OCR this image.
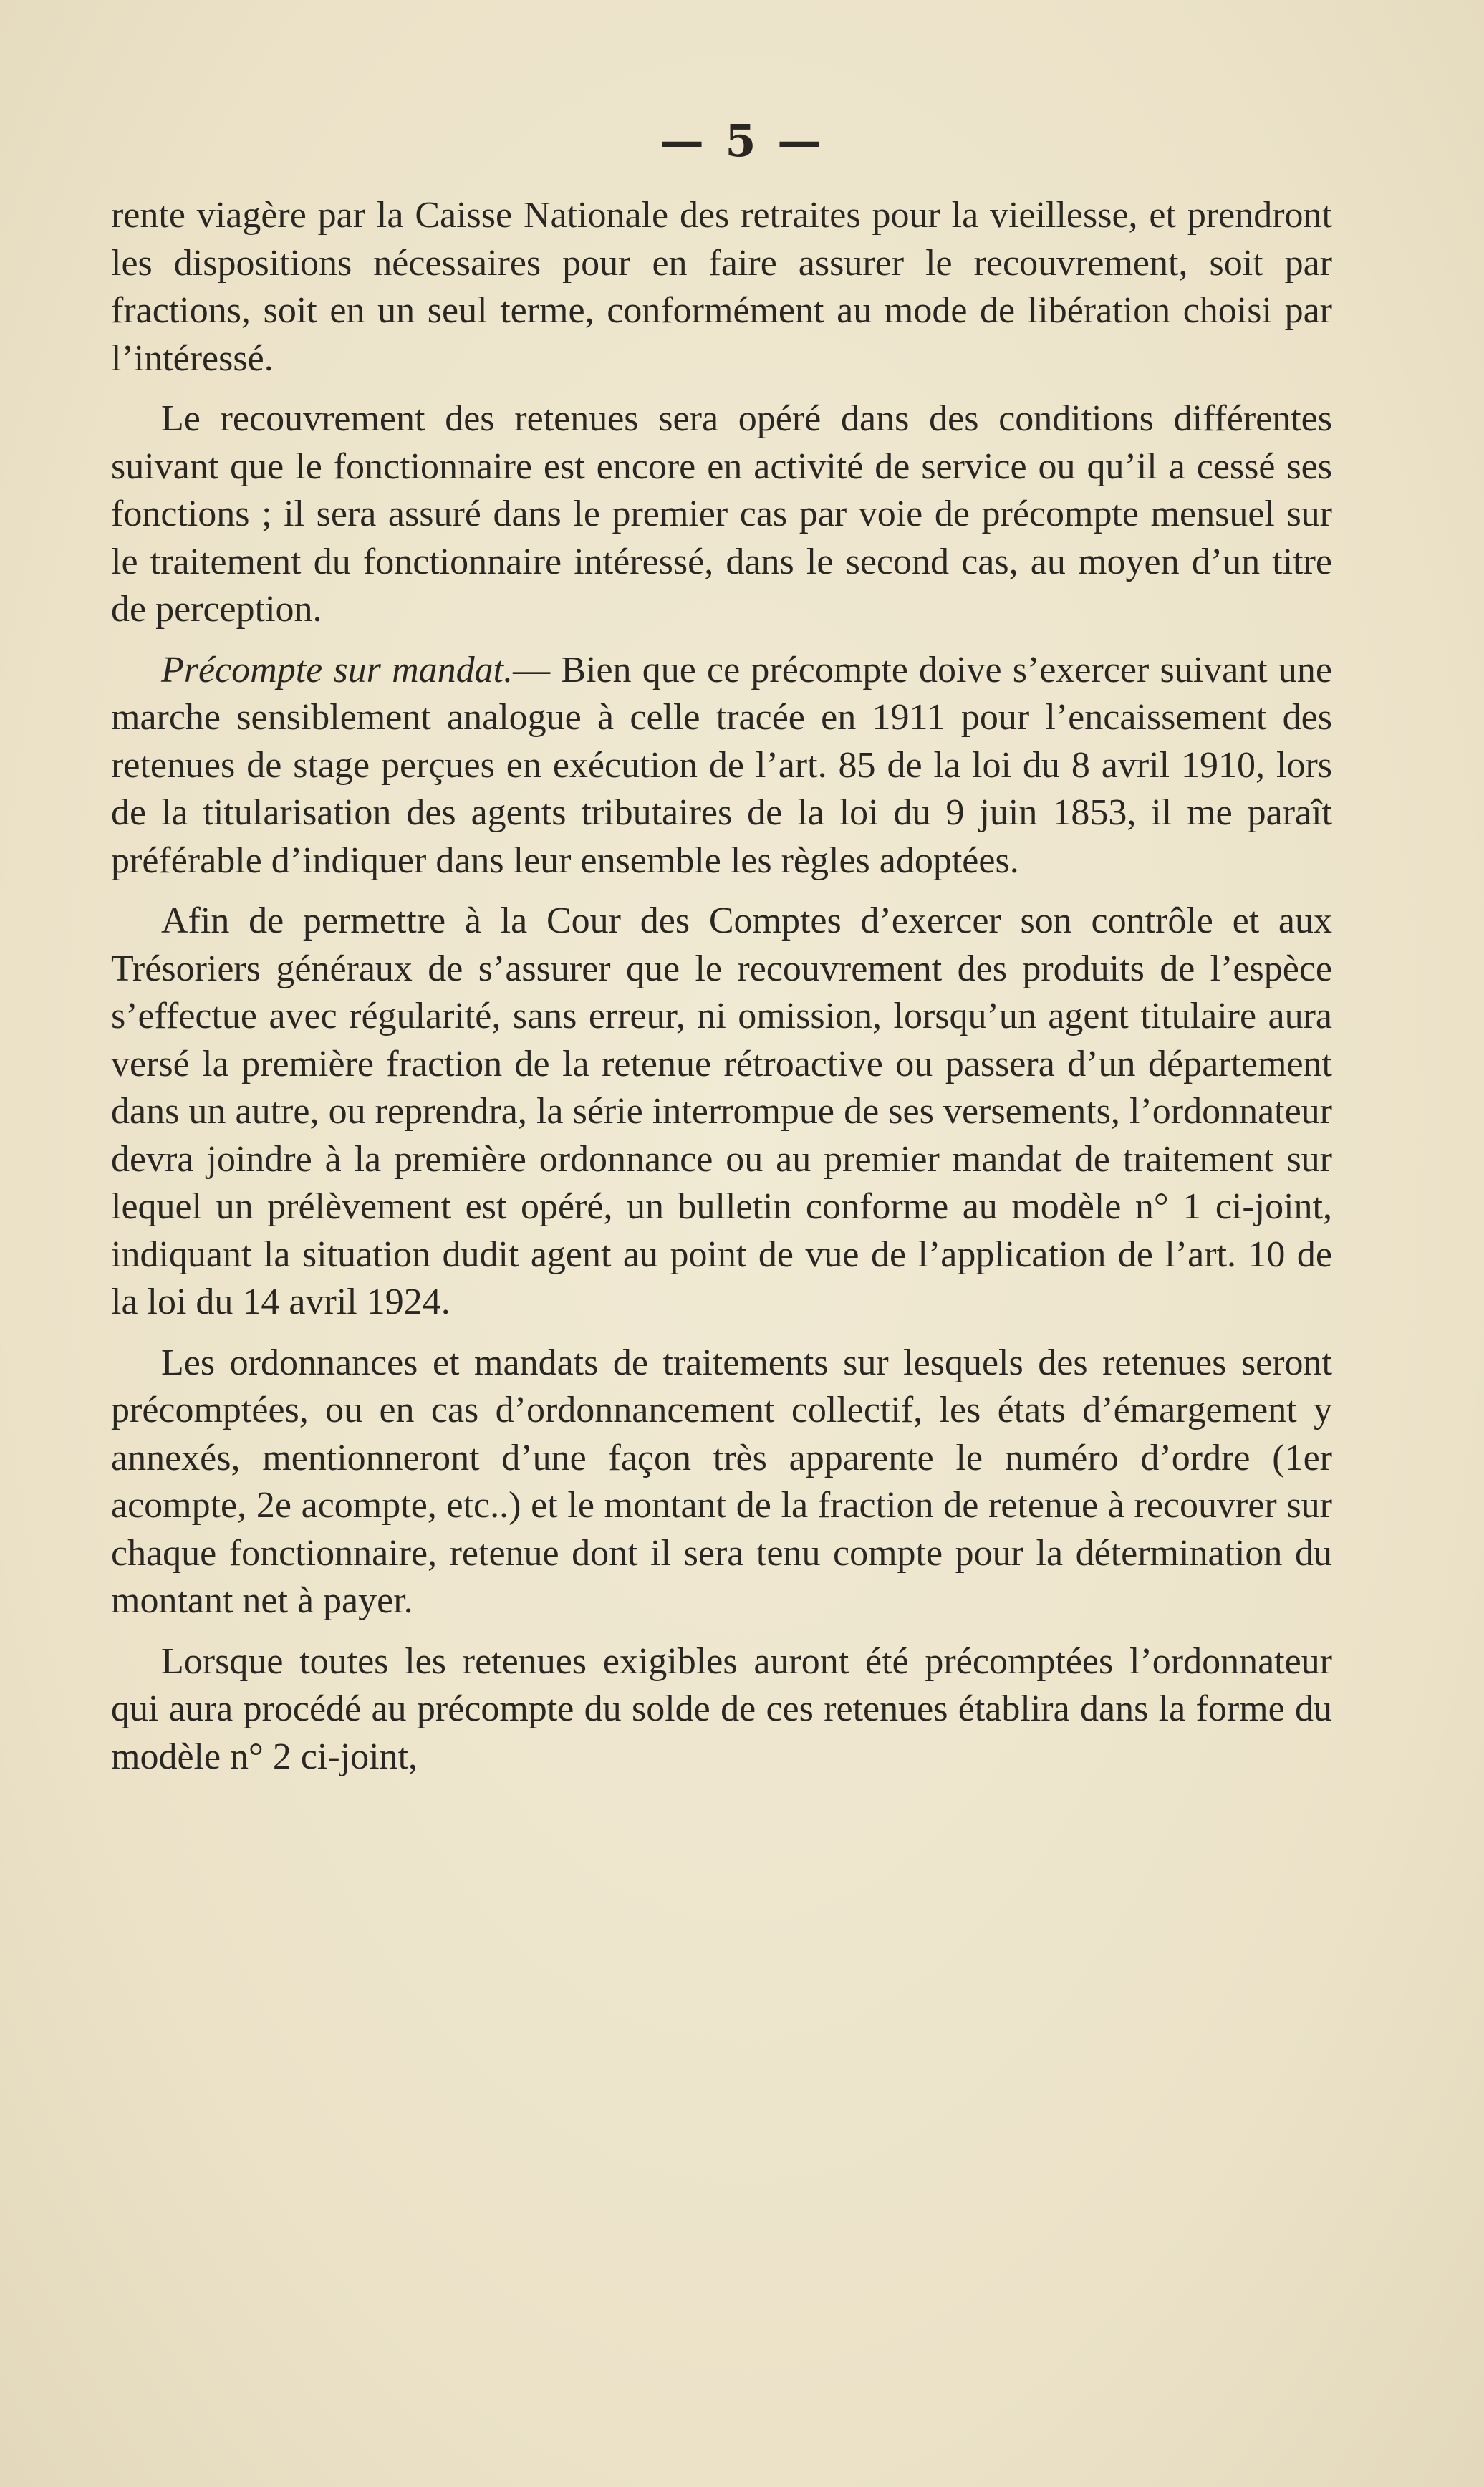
— 5 —

rente viagère par la Caisse Nationale des retraites pour la vieillesse, et prendront les dispositions nécessaires pour en faire assurer le recouvrement, soit par fractions, soit en un seul terme, conformément au mode de libération choisi par l’intéressé.

Le recouvrement des retenues sera opéré dans des conditions différentes suivant que le fonctionnaire est encore en activité de service ou qu’il a cessé ses fonctions ; il sera assuré dans le premier cas par voie de précompte mensuel sur le traitement du fonctionnaire intéressé, dans le second cas, au moyen d’un titre de perception.

Précompte sur mandat.— Bien que ce précompte doive s’exercer suivant une marche sensiblement analogue à celle tracée en 1911 pour l’encaissement des retenues de stage perçues en exécution de l’art. 85 de la loi du 8 avril 1910, lors de la titularisation des agents tributaires de la loi du 9 juin 1853, il me paraît préférable d’indiquer dans leur ensemble les règles adoptées.

Afin de permettre à la Cour des Comptes d’exercer son contrôle et aux Trésoriers généraux de s’assurer que le recouvrement des produits de l’espèce s’effectue avec régularité, sans erreur, ni omission, lorsqu’un agent titulaire aura versé la première fraction de la retenue rétroactive ou passera d’un département dans un autre, ou reprendra, la série interrompue de ses versements, l’ordonnateur devra joindre à la première ordonnance ou au premier mandat de traitement sur lequel un prélèvement est opéré, un bulletin conforme au modèle n° 1 ci-joint, indiquant la situation dudit agent au point de vue de l’application de l’art. 10 de la loi du 14 avril 1924.

Les ordonnances et mandats de traitements sur lesquels des retenues seront précomptées, ou en cas d’ordonnancement collectif, les états d’émargement y annexés, mentionneront d’une façon très apparente le numéro d’ordre (1er acompte, 2e acompte, etc..) et le montant de la fraction de retenue à recouvrer sur chaque fonctionnaire, retenue dont il sera tenu compte pour la détermination du montant net à payer.

Lorsque toutes les retenues exigibles auront été précomptées l’ordonnateur qui aura procédé au précompte du solde de ces retenues établira dans la forme du modèle n° 2 ci-joint,
